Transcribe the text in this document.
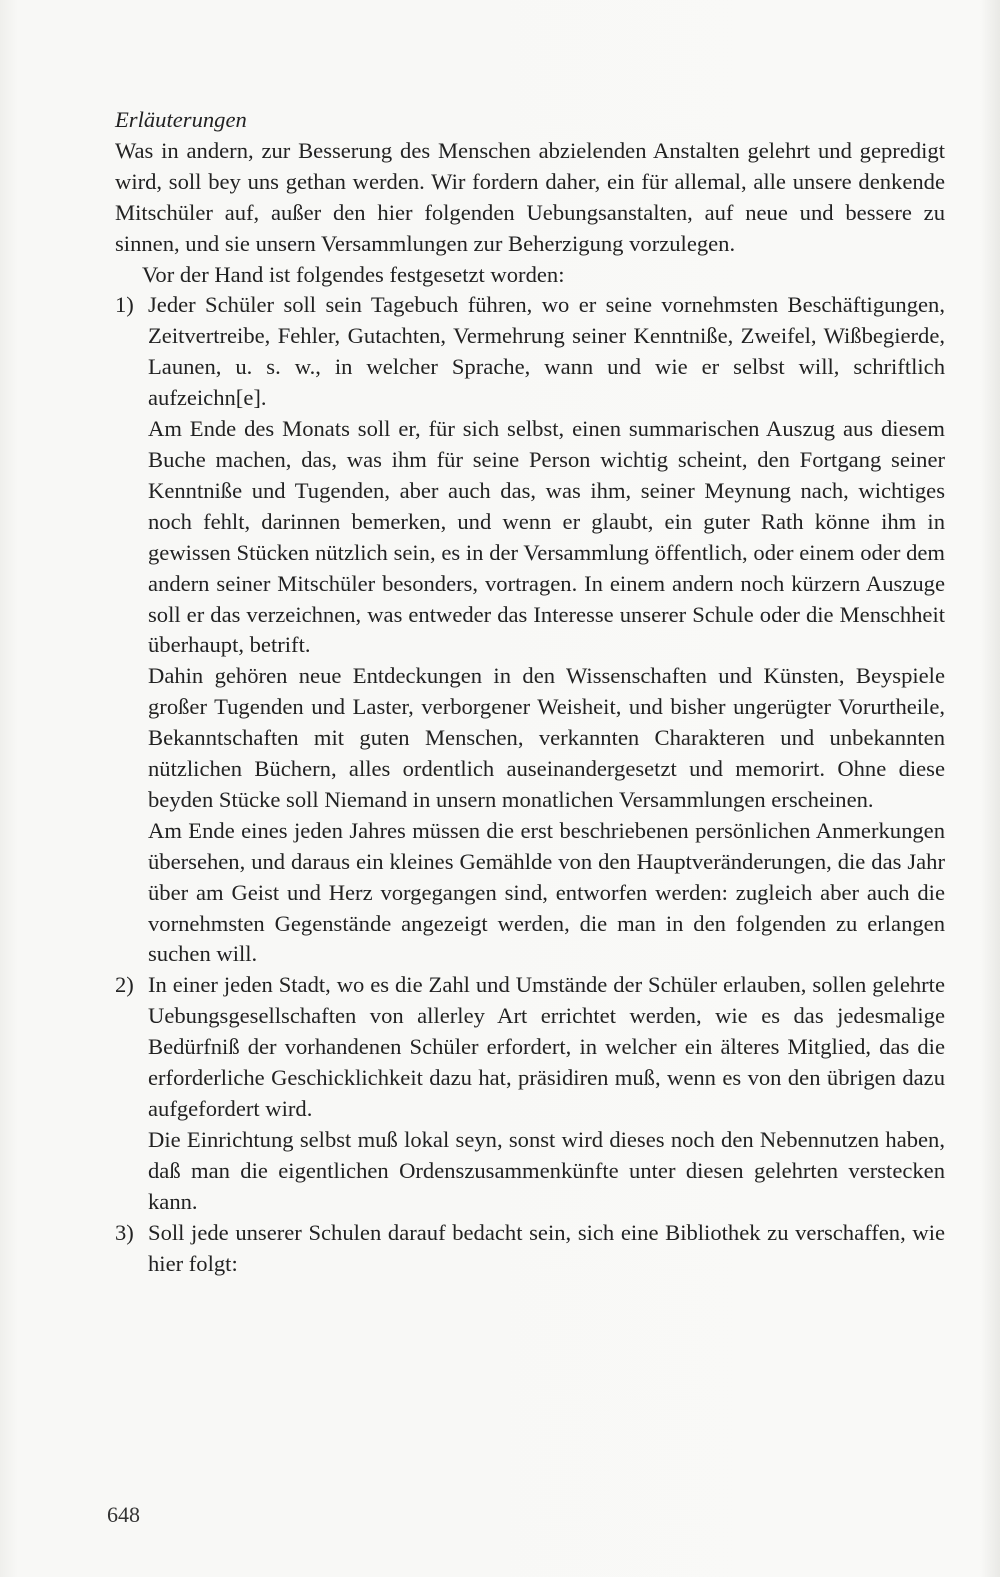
Erläuterungen

Was in andern, zur Besserung des Menschen abzielenden Anstalten gelehrt und gepredigt wird, soll bey uns gethan werden. Wir fordern daher, ein für allemal, alle unsere denkende Mitschüler auf, außer den hier folgenden Uebungsanstalten, auf neue und bessere zu sinnen, und sie unsern Versammlungen zur Beherzigung vorzulegen.

Vor der Hand ist folgendes festgesetzt worden:

1) Jeder Schüler soll sein Tagebuch führen, wo er seine vornehmsten Beschäftigungen, Zeitvertreibe, Fehler, Gutachten, Vermehrung seiner Kenntniße, Zweifel, Wißbegierde, Launen, u. s. w., in welcher Sprache, wann und wie er selbst will, schriftlich aufzeichn[e].

Am Ende des Monats soll er, für sich selbst, einen summarischen Auszug aus diesem Buche machen, das, was ihm für seine Person wichtig scheint, den Fortgang seiner Kenntniße und Tugenden, aber auch das, was ihm, seiner Meynung nach, wichtiges noch fehlt, darinnen bemerken, und wenn er glaubt, ein guter Rath könne ihm in gewissen Stücken nützlich sein, es in der Versammlung öffentlich, oder einem oder dem andern seiner Mitschüler besonders, vortragen. In einem andern noch kürzern Auszuge soll er das verzeichnen, was entweder das Interesse unserer Schule oder die Menschheit überhaupt, betrift.

Dahin gehören neue Entdeckungen in den Wissenschaften und Künsten, Beyspiele großer Tugenden und Laster, verborgener Weisheit, und bisher ungerügter Vorurtheile, Bekanntschaften mit guten Menschen, verkannten Charakteren und unbekannten nützlichen Büchern, alles ordentlich auseinandergesetzt und memorirt. Ohne diese beyden Stücke soll Niemand in unsern monatlichen Versammlungen erscheinen.

Am Ende eines jeden Jahres müssen die erst beschriebenen persönlichen Anmerkungen übersehen, und daraus ein kleines Gemählde von den Hauptveränderungen, die das Jahr über am Geist und Herz vorgegangen sind, entworfen werden: zugleich aber auch die vornehmsten Gegenstände angezeigt werden, die man in den folgenden zu erlangen suchen will.

2) In einer jeden Stadt, wo es die Zahl und Umstände der Schüler erlauben, sollen gelehrte Uebungsgesellschaften von allerley Art errichtet werden, wie es das jedesmalige Bedürfniß der vorhandenen Schüler erfordert, in welcher ein älteres Mitglied, das die erforderliche Geschicklichkeit dazu hat, präsidiren muß, wenn es von den übrigen dazu aufgefordert wird.

Die Einrichtung selbst muß lokal seyn, sonst wird dieses noch den Nebennutzen haben, daß man die eigentlichen Ordenszusammenkünfte unter diesen gelehrten verstecken kann.

3) Soll jede unserer Schulen darauf bedacht sein, sich eine Bibliothek zu verschaffen, wie hier folgt:

648
